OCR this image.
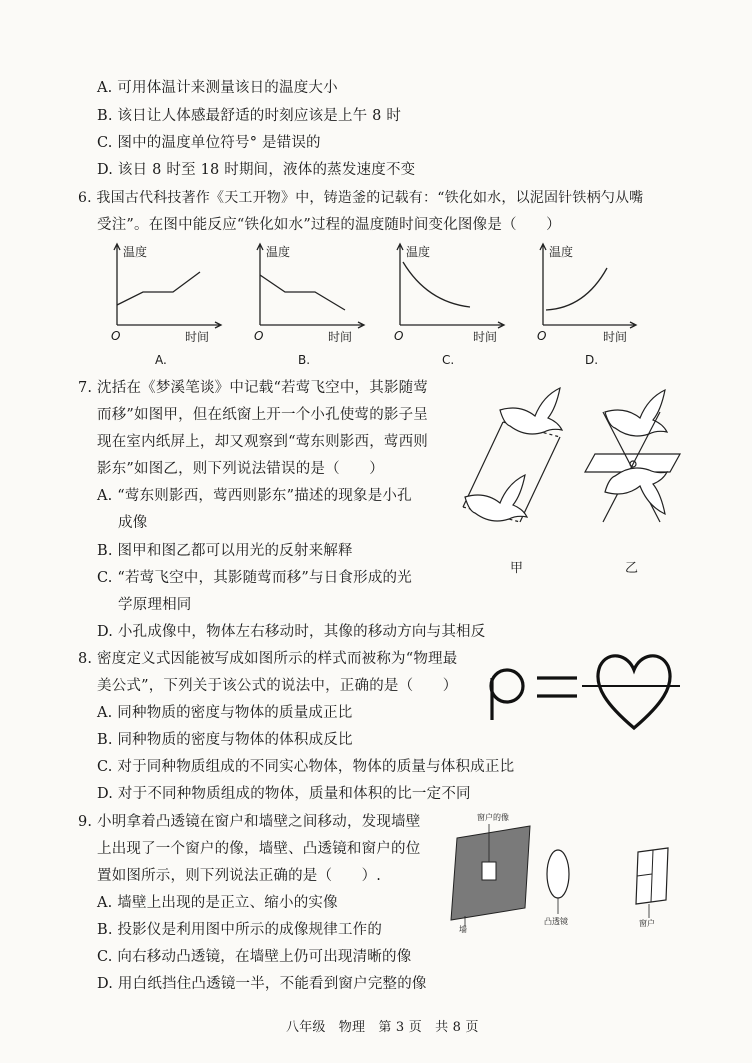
A. 可用体温计来测量该日的温度大小
B. 该日让人体感最舒适的时刻应该是上午 8 时
C. 图中的温度单位符号° 是错误的
D. 该日 8 时至 18 时期间，液体的蒸发速度不变
6. 我国古代科技著作《天工开物》中，铸造釜的记载有：“铁化如水，以泥固针铁柄勺从嘴
受注”。在图中能反应“铁化如水”过程的温度随时间变化图像是（　　）
温度
时间
O
A.
温度
时间
O
B.
温度
时间
O
C.
温度
时间
O
D.
7. 沈括在《梦溪笔谈》中记载“若莺飞空中，其影随莺
而移”如图甲，但在纸窗上开一个小孔使莺的影子呈
现在室内纸屏上，却又观察到“莺东则影西，莺西则
影东”如图乙，则下列说法错误的是（　　）
A. “莺东则影西，莺西则影东”描述的现象是小孔
成像
B. 图甲和图乙都可以用光的反射来解释
C. “若莺飞空中，其影随莺而移”与日食形成的光
学原理相同
D. 小孔成像中，物体左右移动时，其像的移动方向与其相反
甲	乙
8. 密度定义式因能被写成如图所示的样式而被称为“物理最
美公式”，下列关于该公式的说法中，正确的是（　　）
A. 同种物质的密度与物体的质量成正比
B. 同种物质的密度与物体的体积成反比
C. 对于同种物质组成的不同实心物体，物体的质量与体积成正比
D. 对于不同种物质组成的物体，质量和体积的比一定不同
9. 小明拿着凸透镜在窗户和墙壁之间移动，发现墙壁
上出现了一个窗户的像，墙壁、凸透镜和窗户的位
置如图所示，则下列说法正确的是（　　）.
A. 墙壁上出现的是正立、缩小的实像
B. 投影仪是利用图中所示的成像规律工作的
C. 向右移动凸透镜，在墙壁上仍可出现清晰的像
D. 用白纸挡住凸透镜一半，不能看到窗户完整的像
窗户的像
墙
凸透镜	窗户
八年级　物理　第 3 页　共 8 页
